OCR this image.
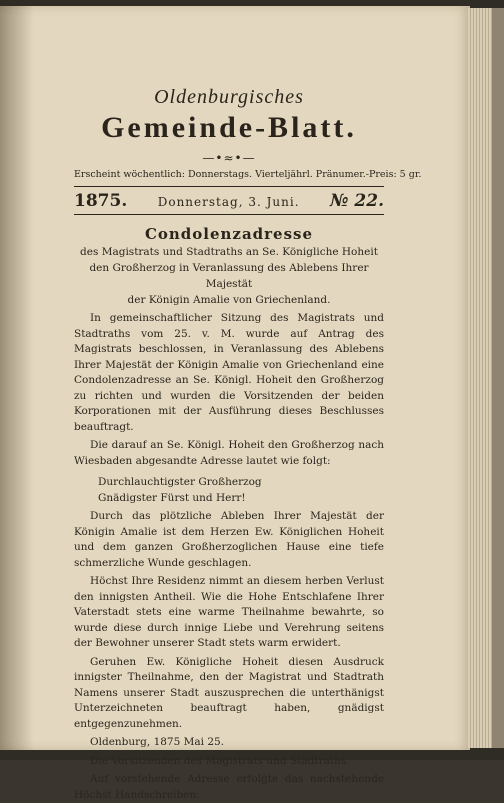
Oldenburgisches
Gemeinde-Blatt.
—•≈•—
Erscheint wöchentlich: Donnerstags. Vierteljährl. Pränumer.-Preis: 5 gr.
1875.	Donnerstag, 3. Juni. № 22.
Condolenzadresse
des Magistrats und Stadtraths an Se. Königliche Hoheit
den Großherzog in Veranlassung des Ablebens Ihrer Majestät
der Königin Amalie von Griechenland.

In gemeinschaftlicher Sitzung des Magistrats und Stadtraths vom 25. v. M. wurde auf Antrag des Magistrats beschlossen, in Veranlassung des Ablebens Ihrer Majestät der Königin Amalie von Griechenland eine Condolenzadresse an Se. Königl. Hoheit den Großherzog zu richten und wurden die Vorsitzenden der beiden Korporationen mit der Ausführung dieses Beschlusses beauftragt.

Die darauf an Se. Königl. Hoheit den Großherzog nach Wiesbaden abgesandte Adresse lautet wie folgt:

Durchlauchtigster Großherzog
Gnädigster Fürst und Herr!

Durch das plötzliche Ableben Ihrer Majestät der Königin Amalie ist dem Herzen Ew. Königlichen Hoheit und dem ganzen Großherzoglichen Hause eine tiefe schmerzliche Wunde geschlagen.

Höchst Ihre Residenz nimmt an diesem herben Verlust den innigsten Antheil. Wie die Hohe Entschlafene Ihrer Vaterstadt stets eine warme Theilnahme bewahrte, so wurde diese durch innige Liebe und Verehrung seitens der Bewohner unserer Stadt stets warm erwidert.

Geruhen Ew. Königliche Hoheit diesen Ausdruck innigster Theilnahme, den der Magistrat und Stadtrath Namens unserer Stadt auszusprechen die unterthänigst Unterzeichneten beauftragt haben, gnädigst entgegenzunehmen.

Oldenburg, 1875 Mai 25.

Die Vorsitzenden des Magistrats und Stadtraths.

Auf vorstehende Adresse erfolgte das nachstehende Höchst Handschreiben:
